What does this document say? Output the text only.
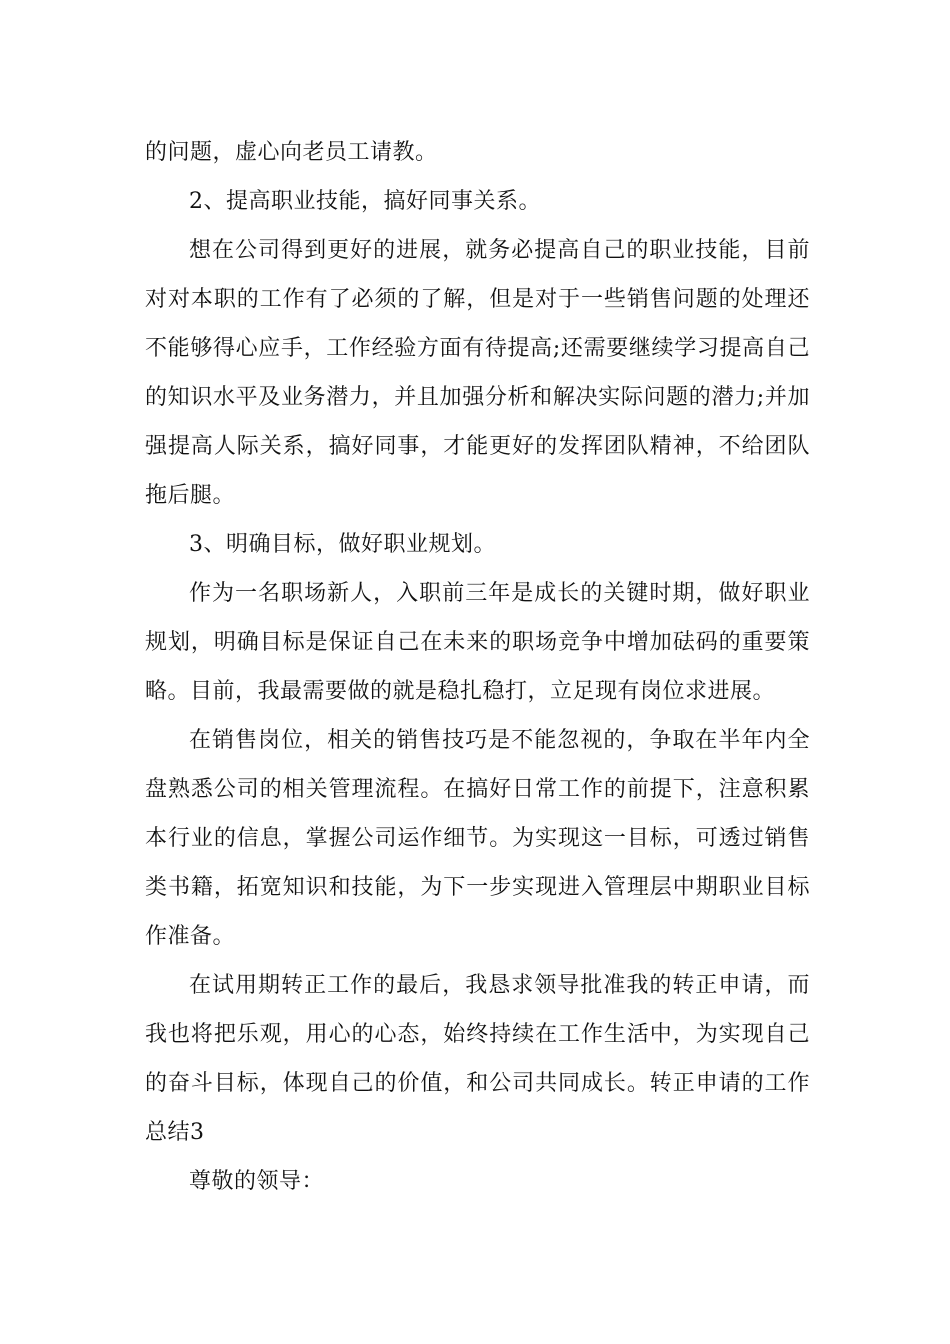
的问题，虚心向老员工请教。

2、提高职业技能，搞好同事关系。

想在公司得到更好的进展，就务必提高自己的职业技能，目前对对本职的工作有了必须的了解，但是对于一些销售问题的处理还不能够得心应手，工作经验方面有待提高;还需要继续学习提高自己的知识水平及业务潜力，并且加强分析和解决实际问题的潜力;并加强提高人际关系，搞好同事，才能更好的发挥团队精神，不给团队拖后腿。

3、明确目标，做好职业规划。

作为一名职场新人，入职前三年是成长的关键时期，做好职业规划，明确目标是保证自己在未来的职场竞争中增加砝码的重要策略。目前，我最需要做的就是稳扎稳打，立足现有岗位求进展。

在销售岗位，相关的销售技巧是不能忽视的，争取在半年内全盘熟悉公司的相关管理流程。在搞好日常工作的前提下，注意积累本行业的信息，掌握公司运作细节。为实现这一目标，可透过销售类书籍，拓宽知识和技能，为下一步实现进入管理层中期职业目标作准备。

在试用期转正工作的最后，我恳求领导批准我的转正申请，而我也将把乐观，用心的心态，始终持续在工作生活中，为实现自己的奋斗目标，体现自己的价值，和公司共同成长。转正申请的工作总结3

尊敬的领导：
